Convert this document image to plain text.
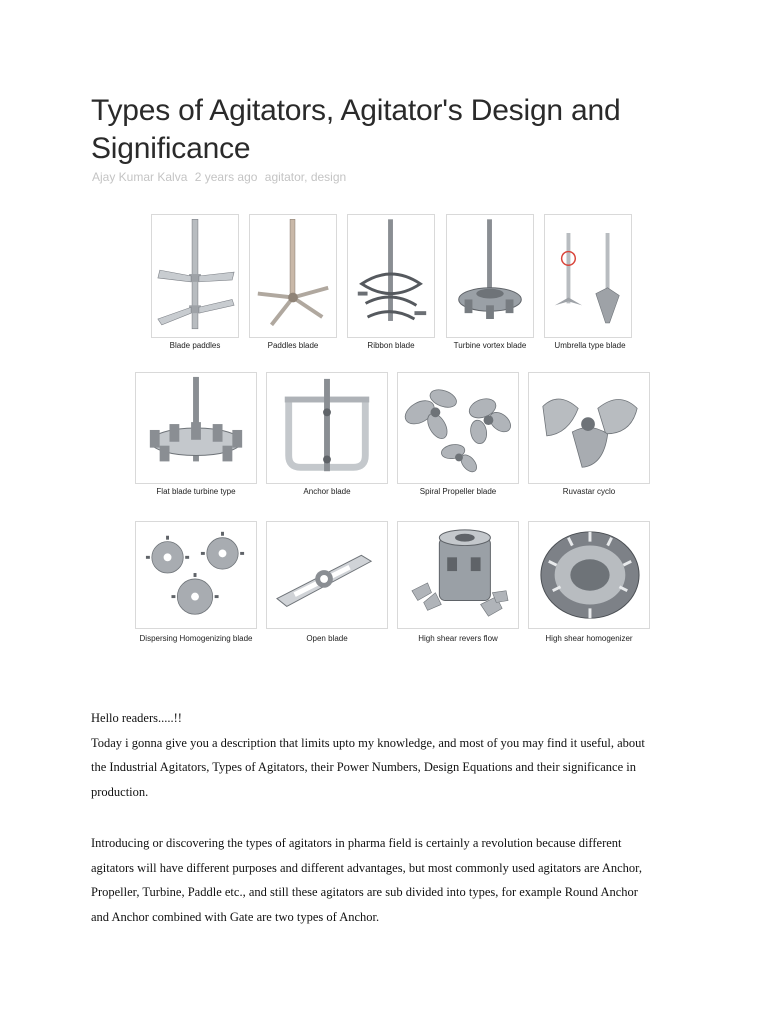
Types of Agitators, Agitator's Design and
Significance
Ajay Kumar Kalva 2 years ago agitator, design
Blade paddles	Paddles blade	Ribbon blade	Turbine vortex blade	Umbrella type blade
Flat blade turbine type	Anchor blade	Spiral Propeller blade	Ruvastar cyclo
Dispersing Homogenizing blade	Open blade	High shear revers flow	High shear homogenizer
Hello readers.....!!
Today i gonna give you a description that limits upto my knowledge, and most of you may find it useful, about
the Industrial Agitators, Types of Agitators, their Power Numbers, Design Equations and their significance in
production.
Introducing or discovering the types of agitators in pharma field is certainly a revolution because different
agitators will have different purposes and different advantages, but most commonly used agitators are Anchor,
Propeller, Turbine, Paddle etc., and still these agitators are sub divided into types, for example Round Anchor
and Anchor combined with Gate are two types of Anchor.
